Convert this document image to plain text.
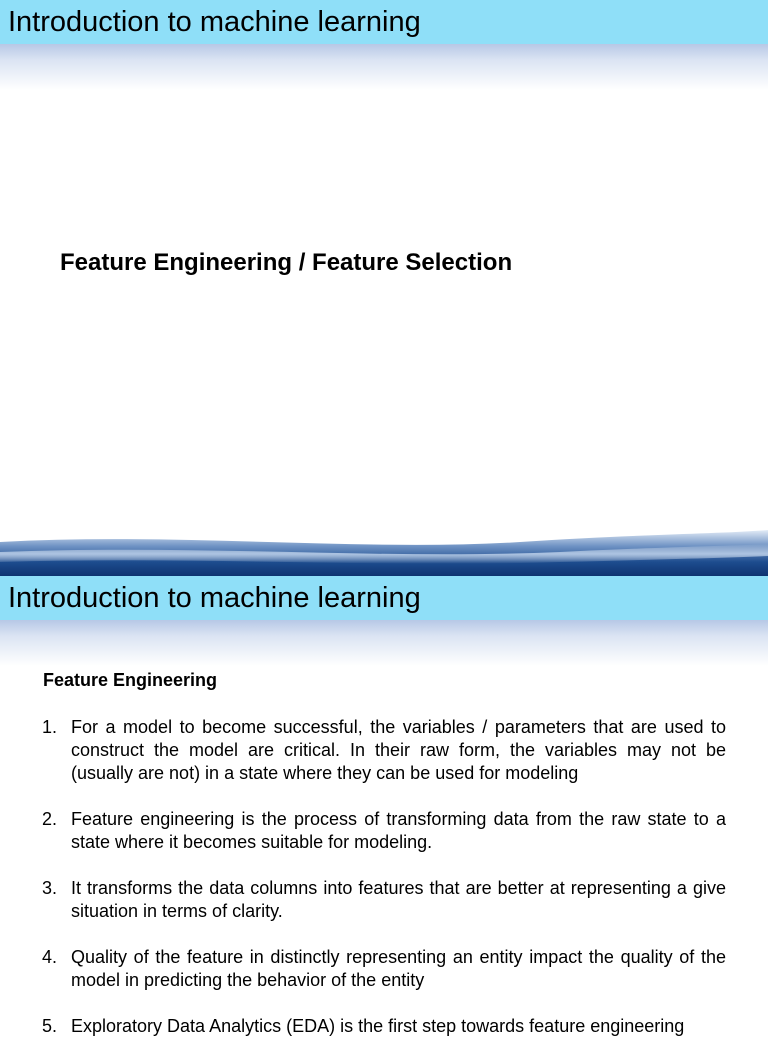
Introduction to machine learning
Feature Engineering / Feature Selection
Introduction to machine learning
Feature Engineering
1. For a model to become successful, the variables / parameters that are used to construct the model are critical. In their raw form, the variables may not be (usually are not) in a state where they can be used for modeling
2. Feature engineering is the process of transforming data from the raw state to a state where it becomes suitable for modeling.
3. It transforms the data columns into features that are better at representing a give situation in terms of clarity.
4. Quality of the feature in distinctly representing an entity impact the quality of the model in predicting the behavior of the entity
5. Exploratory Data Analytics (EDA) is the first step towards feature engineering
